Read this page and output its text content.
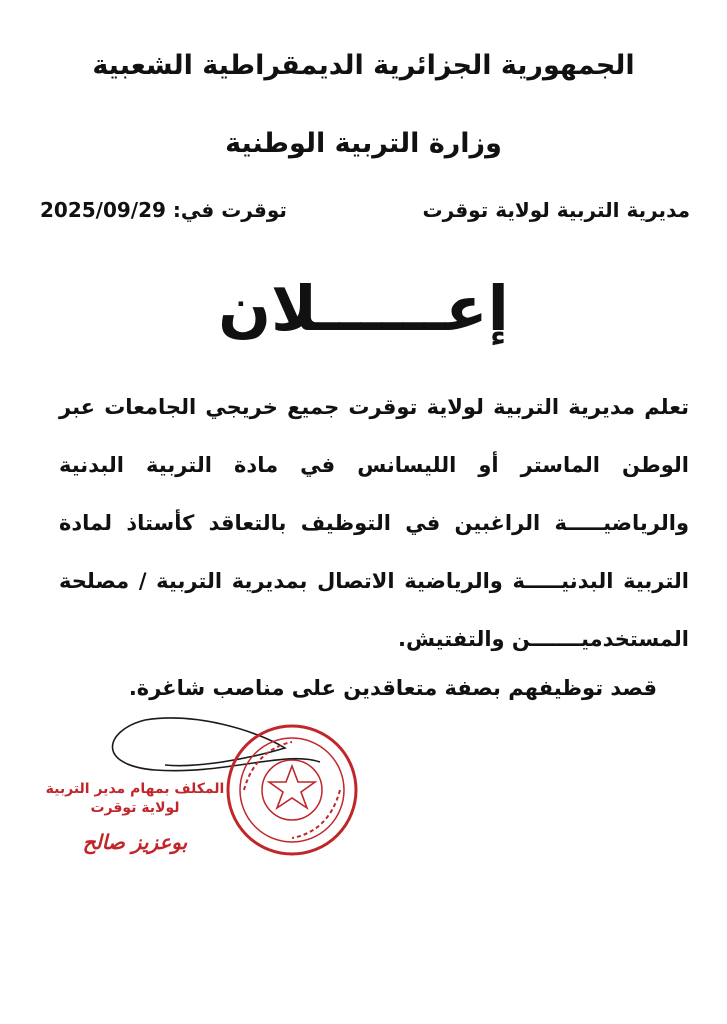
الجمهورية الجزائرية الديمقراطية الشعبية
وزارة التربية الوطنية
مديرية التربية لولاية توقرت
توقرت في: 2025/09/29
إعــــــلان
تعلم مديرية التربية لولاية توقرت جميع خريجي الجامعات عبر الوطن الماستر أو الليسانس في مادة التربية البدنية والرياضيـــــة الراغبين في التوظيف بالتعاقد كأستاذ لمادة التربية البدنيـــــة والرياضية الاتصال بمديرية التربية / مصلحة المستخدميـــــــن والتفتيش.
قصد توظيفهم بصفة متعاقدين على مناصب شاغرة.
المكلف بمهام مدير التربية
لولاية توقرت
بوعزيز صالح
